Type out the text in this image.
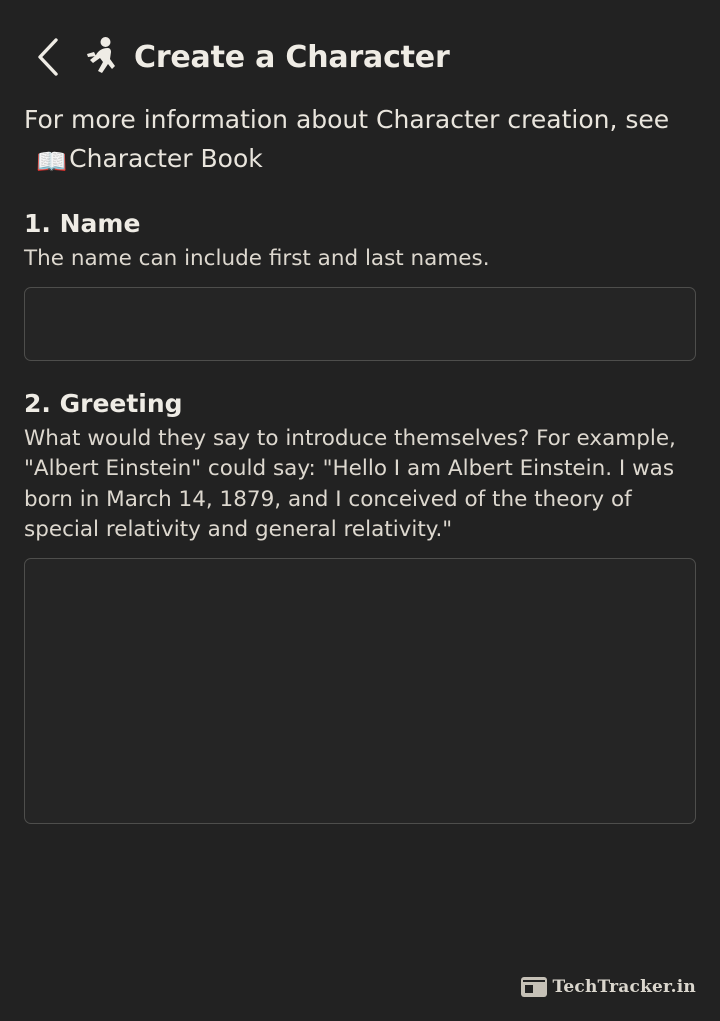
Create a Character
For more information about Character creation, see📖Character Book
1. Name
The name can include first and last names.
2. Greeting
What would they say to introduce themselves? For example, "Albert Einstein" could say: "Hello I am Albert Einstein. I was born in March 14, 1879, and I conceived of the theory of special relativity and general relativity."
TechTracker.in
